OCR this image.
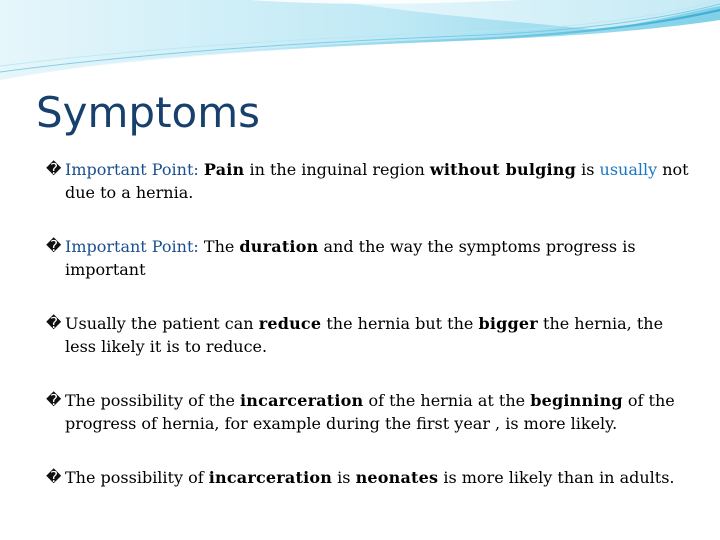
Symptoms
� Important Point: Pain in the inguinal region without bulging is usually not due to a hernia.
� Important Point: The duration and the way the symptoms progress is important
� Usually the patient can reduce the hernia but the bigger the hernia, the less likely it is to reduce.
� The possibility of the incarceration of the hernia at the beginning of the progress of hernia, for example during the first year , is more likely.
� The possibility of incarceration is neonates is more likely than in adults.
